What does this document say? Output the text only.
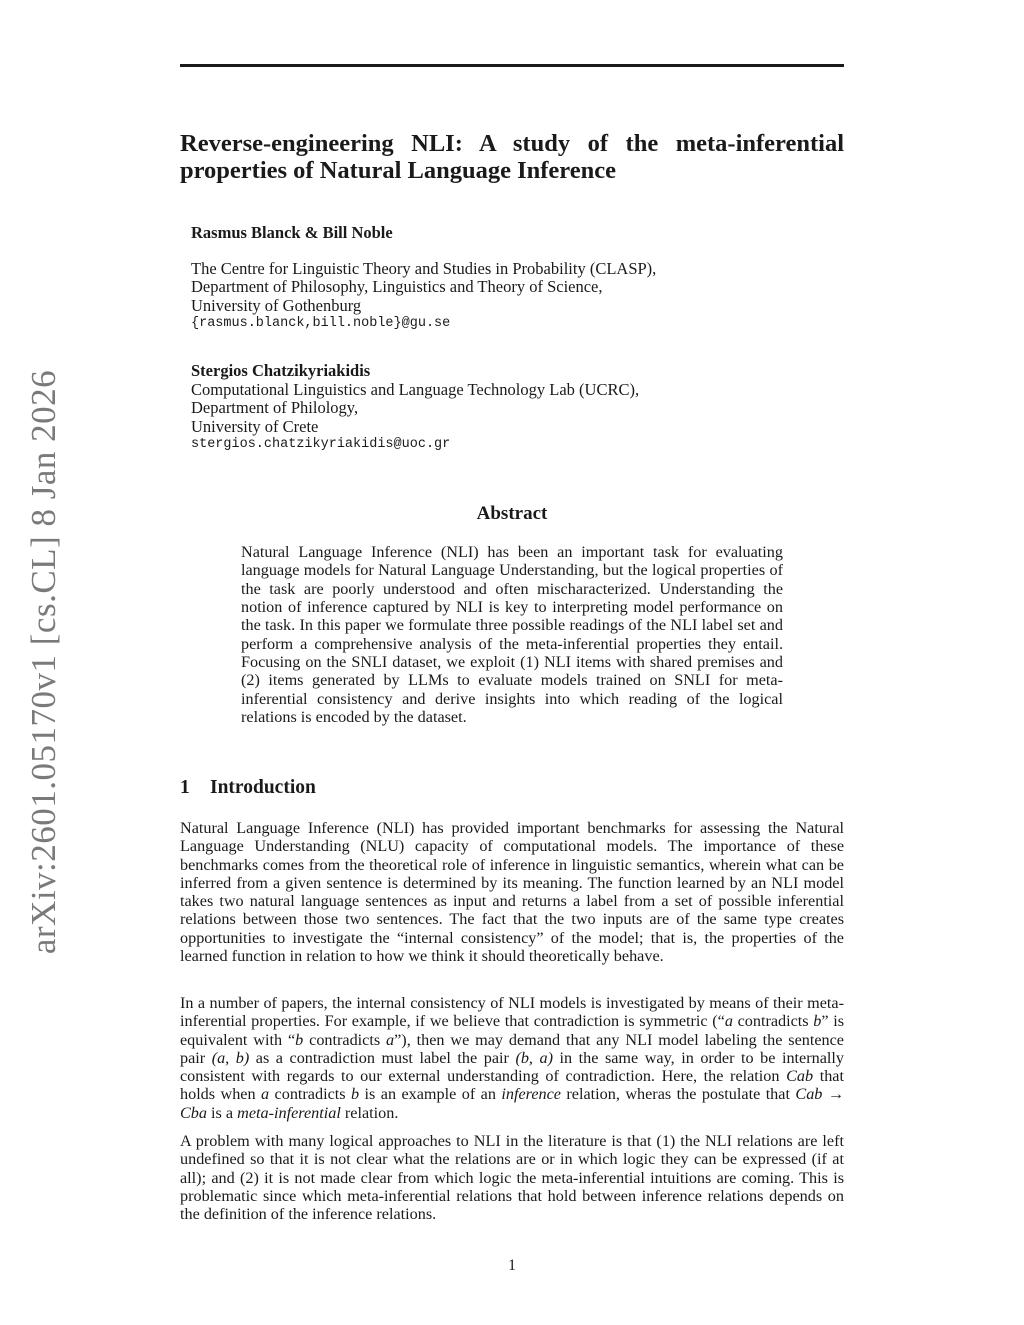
arXiv:2601.05170v1 [cs.CL] 8 Jan 2026
Reverse-engineering NLI: A study of the meta-inferential properties of Natural Language Inference
Rasmus Blanck & Bill Noble
The Centre for Linguistic Theory and Studies in Probability (CLASP),
Department of Philosophy, Linguistics and Theory of Science,
University of Gothenburg
{rasmus.blanck,bill.noble}@gu.se
Stergios Chatzikyriakidis
Computational Linguistics and Language Technology Lab (UCRC),
Department of Philology,
University of Crete
stergios.chatzikyriakidis@uoc.gr
Abstract
Natural Language Inference (NLI) has been an important task for evaluating language models for Natural Language Understanding, but the logical properties of the task are poorly understood and often mischaracterized. Understanding the notion of inference captured by NLI is key to interpreting model performance on the task. In this paper we formulate three possible readings of the NLI label set and perform a comprehensive analysis of the meta-inferential properties they entail. Focusing on the SNLI dataset, we exploit (1) NLI items with shared premises and (2) items generated by LLMs to evaluate models trained on SNLI for meta-inferential consistency and derive insights into which reading of the logical relations is encoded by the dataset.
1 Introduction

Natural Language Inference (NLI) has provided important benchmarks for assessing the Natural Language Understanding (NLU) capacity of computational models. The importance of these benchmarks comes from the theoretical role of inference in linguistic semantics, wherein what can be inferred from a given sentence is determined by its meaning. The function learned by an NLI model takes two natural language sentences as input and returns a label from a set of possible inferential relations between those two sentences. The fact that the two inputs are of the same type creates opportunities to investigate the “internal consistency” of the model; that is, the properties of the learned function in relation to how we think it should theoretically behave.

In a number of papers, the internal consistency of NLI models is investigated by means of their meta-inferential properties. For example, if we believe that contradiction is symmetric (“a contradicts b” is equivalent with “b contradicts a”), then we may demand that any NLI model labeling the sentence pair (a, b) as a contradiction must label the pair (b, a) in the same way, in order to be internally consistent with regards to our external understanding of contradiction. Here, the relation Cab that holds when a contradicts b is an example of an inference relation, wheras the postulate that Cab → Cba is a meta-inferential relation.

A problem with many logical approaches to NLI in the literature is that (1) the NLI relations are left undefined so that it is not clear what the relations are or in which logic they can be expressed (if at all); and (2) it is not made clear from which logic the meta-inferential intuitions are coming. This is problematic since which meta-inferential relations that hold between inference relations depends on the definition of the inference relations.

1
